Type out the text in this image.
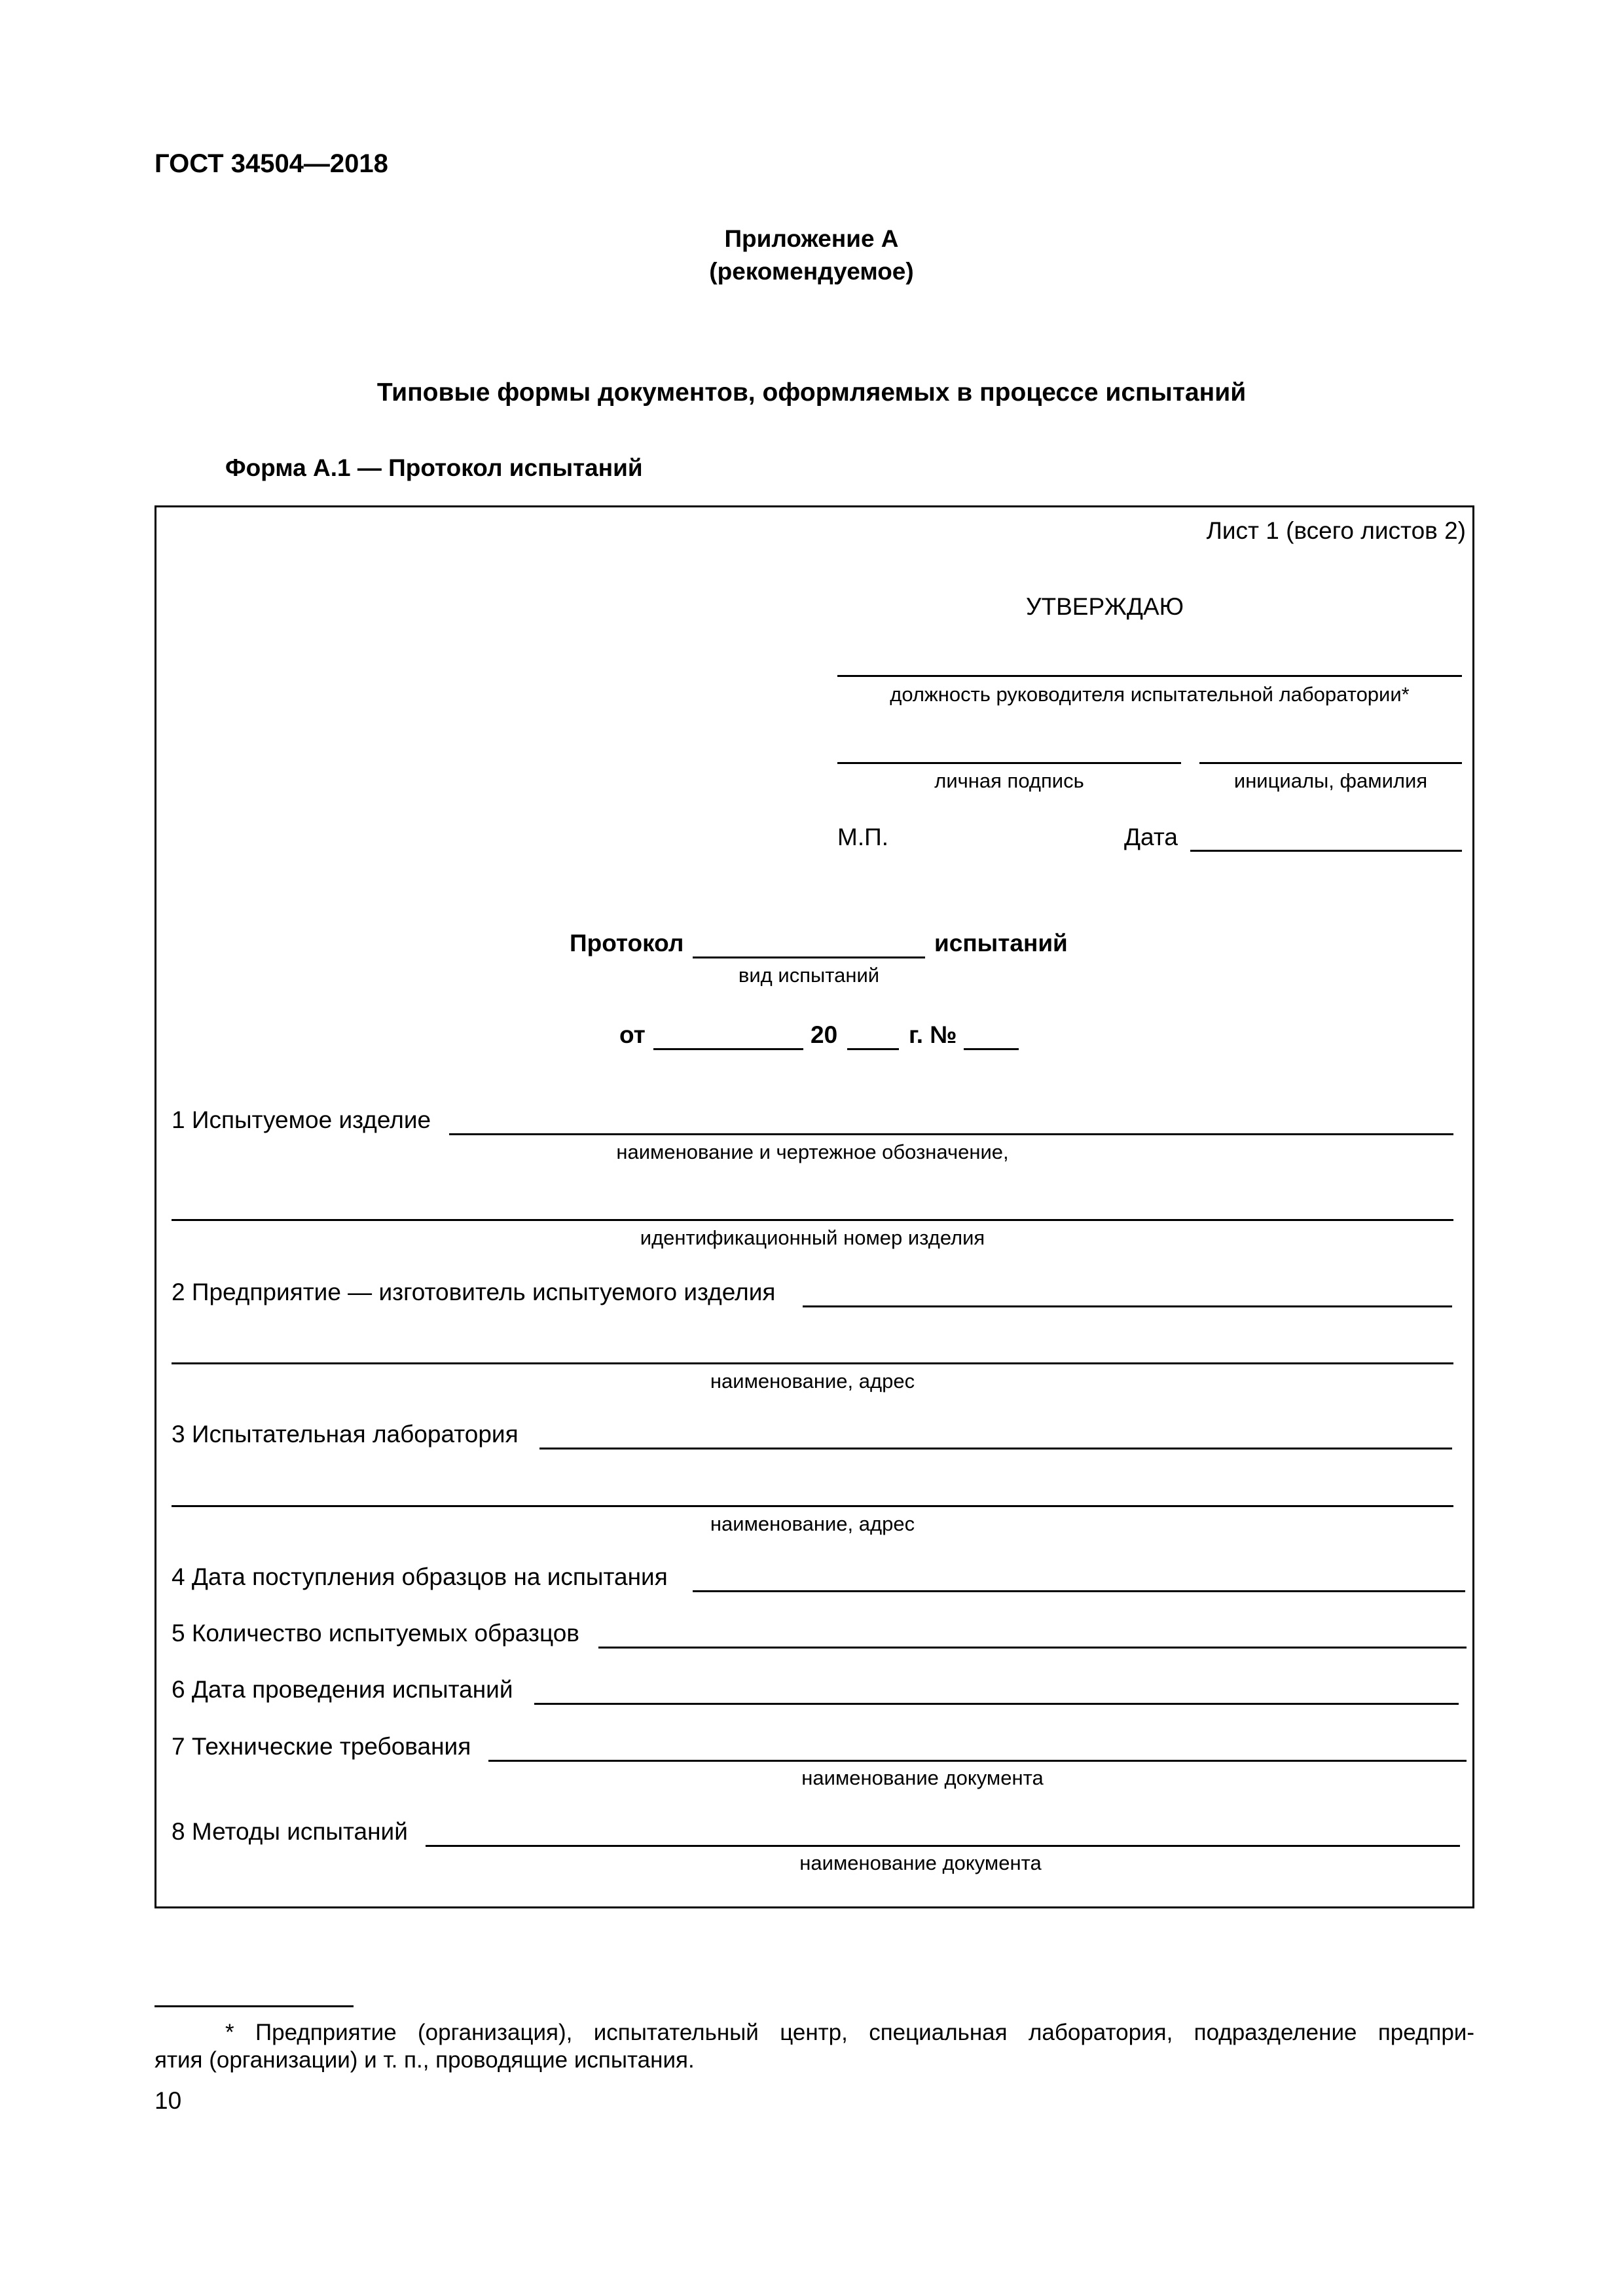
ГОСТ 34504—2018
Приложение А
(рекомендуемое)
Типовые формы документов, оформляемых в процессе испытаний
Форма А.1 — Протокол испытаний
Лист 1 (всего листов 2)
УТВЕРЖДАЮ
должность руководителя испытательной лаборатории*
личная подпись	инициалы, фамилия
М.П.	Дата
Протокол	испытаний
вид испытаний
от	20	г. №
1 Испытуемое изделие
наименование и чертежное обозначение,
идентификационный номер изделия
2 Предприятие — изготовитель испытуемого изделия
наименование, адрес
3 Испытательная лаборатория
наименование, адрес
4 Дата поступления образцов на испытания
5 Количество испытуемых образцов
6 Дата проведения испытаний
7 Технические требования
наименование документа
8 Методы испытаний
наименование документа
* Предприятие (организация), испытательный центр, специальная лаборатория, подразделение предпри-
ятия (организации) и т. п., проводящие испытания.
10
